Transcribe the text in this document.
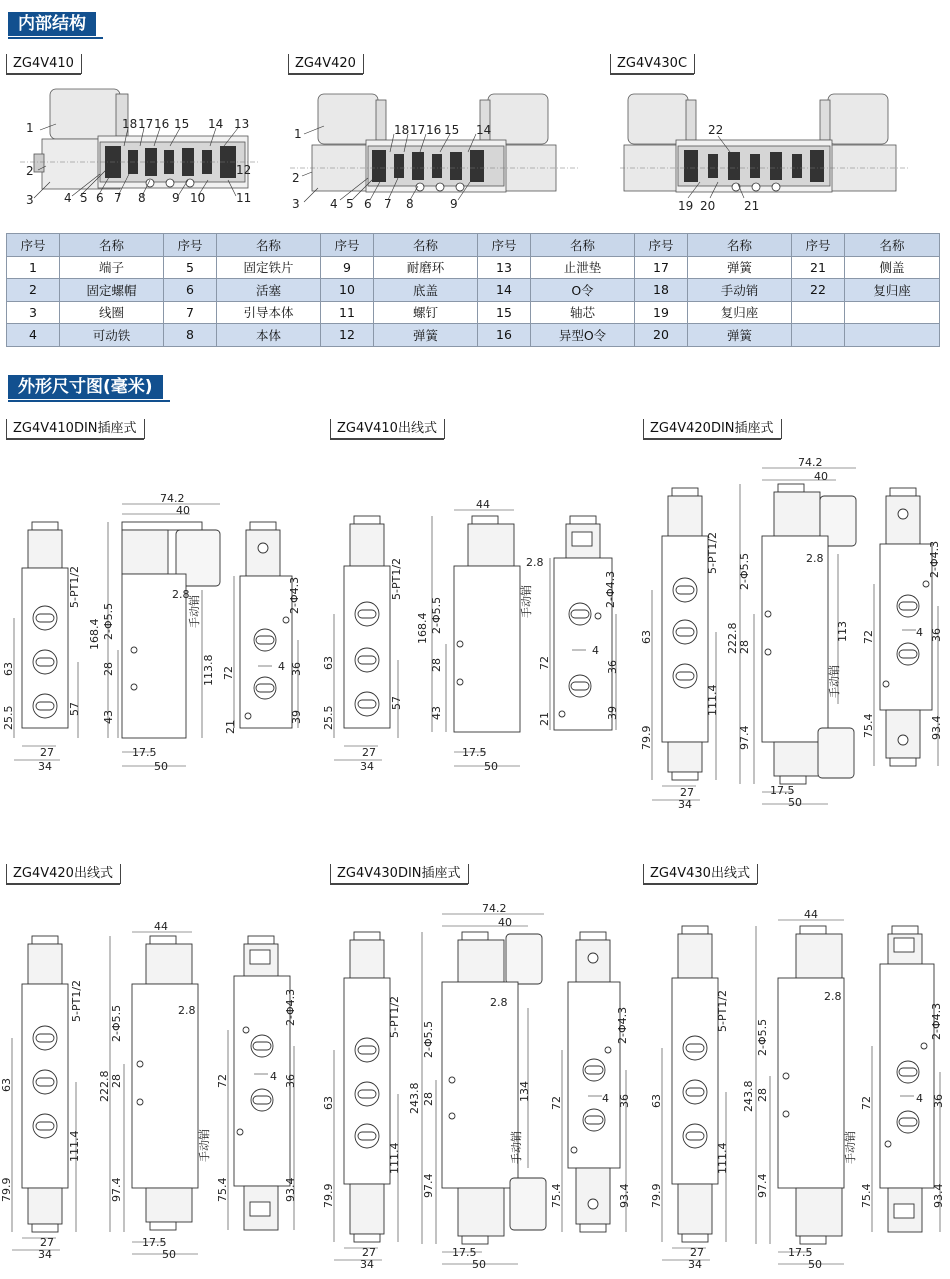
内部结构
ZG4V410	ZG4V420	ZG4V430C
1
2
3	4 5 6 7 8 9 10	11
12
13
14
15
16
17
18
1
2
3	4 5 6 7 8	9
14
15
16
17
18	22
19 20 21
序号	名称	序号	名称	序号	名称	序号	名称	序号	名称	序号	名称
1	端子	5	固定铁片	9	耐磨环	13	止泄垫	17	弹簧	21	侧盖
2	固定螺帽	6	活塞	10	底盖	14	O令	18	手动销	22	复归座
3	线圈	7	引导本体	11	螺钉	15	轴芯	19	复归座		
4	可动铁	8	本体	12	弹簧	16	异型O令	20	弹簧		
外形尺寸图(毫米)
ZG4V410DIN插座式	ZG4V410出线式	ZG4V420DIN插座式
ZG4V420出线式	ZG4V430DIN插座式	ZG4V430出线式
5-PT1/2
63
25.5	57
27
34
74.2
40
168.4 2-Φ5.5
28
43
2.8
手动销
113.8
17.5
50
2-Φ4.3
72	36
4
39
21
5-PT1/2
63
25.5
57
27
34
44
168.4 2-Φ5.5
28
43
2.8
手动销
17.5
50
2-Φ4.3
72	36
4
39
21
5-PT1/2
63
79.9
111.4
27
34
74.2
40
222.8
2-Φ5.5
28
97.4
2.8
手动销
113
17.5
50
2-Φ4.3
72	36
4
75.4	93.4
5-PT1/2
63
79.9
111.4
27
34
44
222.8
2-Φ5.5
28
97.4
2.8
手动销
17.5
50
2-Φ4.3
72	36
4
75.4	93.4
5-PT1/2
63
79.9
111.4
27
34
74.2
40
243.8
2-Φ5.5
28
97.4
2.8
手动销
134
17.5
50
2-Φ4.3
72	36
4
75.4	93.4
5-PT1/2
63
79.9
111.4
27
34
44
243.8
2-Φ5.5
28
97.4
2.8
手动销
17.5
50
2-Φ4.3
72	36
4
75.4	93.4
